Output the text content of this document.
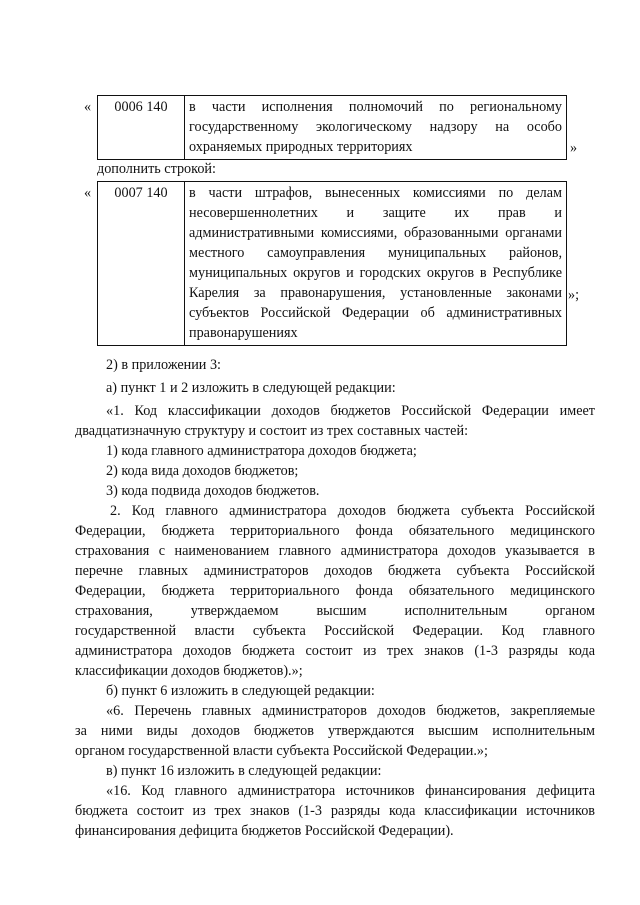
« 0006 140	в части исполнения полномочий по региональному государственному экологическому надзору на особо охраняемых природных территориях	»
дополнить строкой:
« 0007 140	в части штрафов, вынесенных комиссиями по делам несовершеннолетних и защите их прав и административными комиссиями, образованными органами местного самоуправления муниципальных районов, муниципальных округов и городских округов в Республике Карелия за правонарушения, установленные законами субъектов Российской Федерации об административных правонарушениях
»;
2) в приложении 3:
а) пункт 1 и 2 изложить в следующей редакции:
«1. Код классификации доходов бюджетов Российской Федерации имеет
двадцатизначную структуру и состоит из трех составных частей:
1) кода главного администратора доходов бюджета;
2) кода вида доходов бюджетов;
3) кода подвида доходов бюджетов.
2. Код главного администратора доходов бюджета субъекта Российской
Федерации, бюджета территориального фонда обязательного медицинского
страхования с наименованием главного администратора доходов указывается в
перечне главных администраторов доходов бюджета субъекта Российской
Федерации, бюджета территориального фонда обязательного медицинского
страхования, утверждаемом высшим исполнительным органом
государственной власти субъекта Российской Федерации. Код главного
администратора доходов бюджета состоит из трех знаков (1-3 разряды кода
классификации доходов бюджетов).»;
б) пункт 6 изложить в следующей редакции:
«6. Перечень главных администраторов доходов бюджетов, закрепляемые
за ними виды доходов бюджетов утверждаются высшим исполнительным
органом государственной власти субъекта Российской Федерации.»;
в) пункт 16 изложить в следующей редакции:
«16. Код главного администратора источников финансирования дефицита
бюджета состоит из трех знаков (1-3 разряды кода классификации источников
финансирования дефицита бюджетов Российской Федерации).
